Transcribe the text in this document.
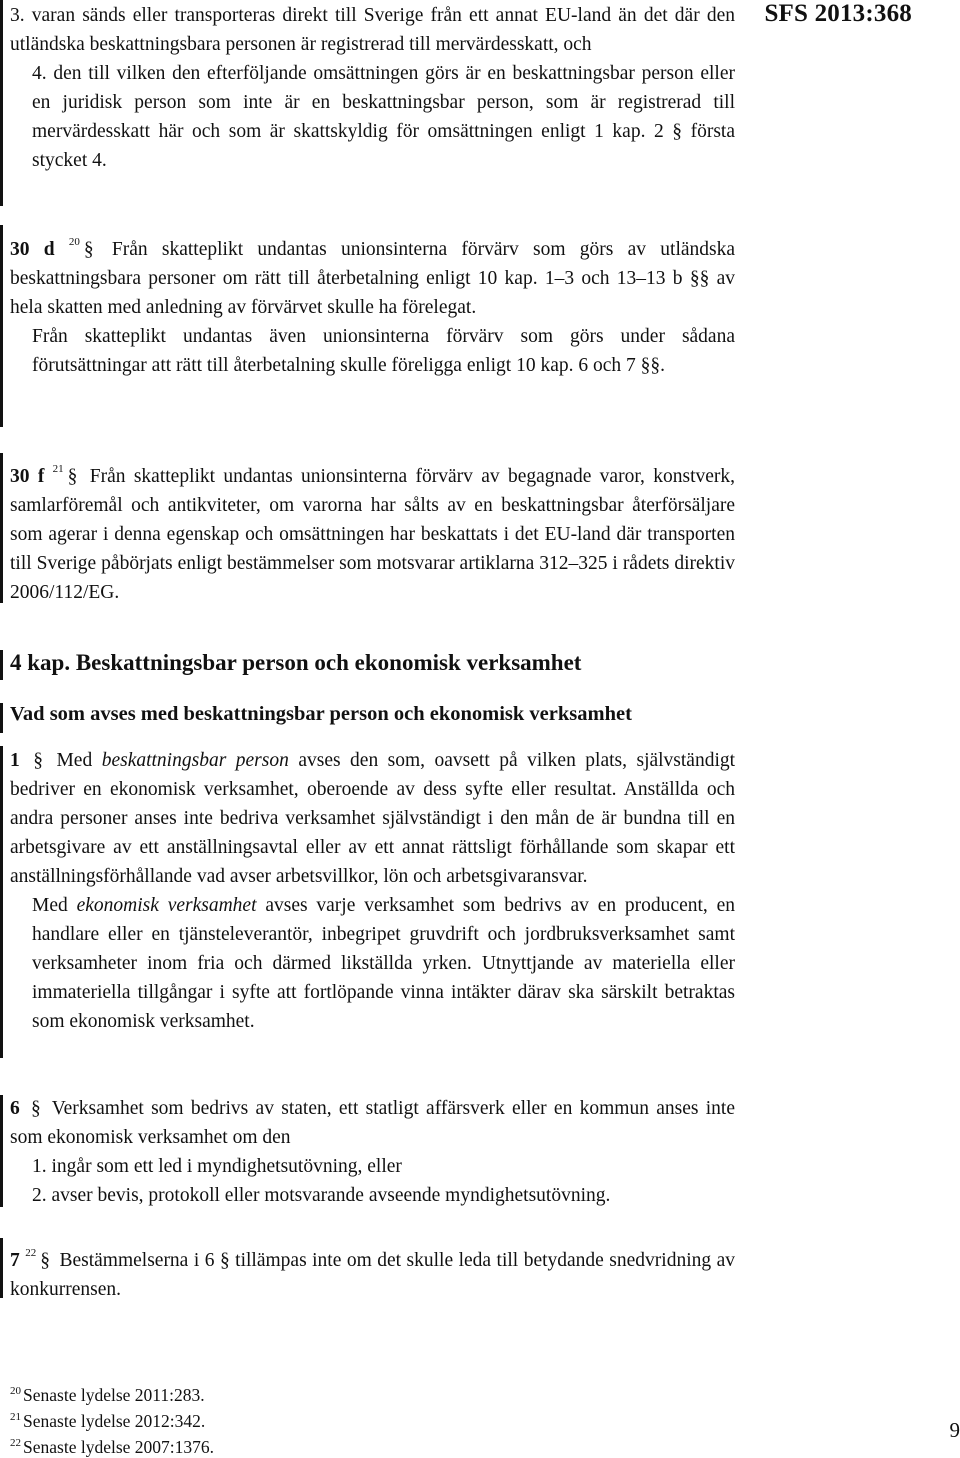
SFS 2013:368

3. varan sänds eller transporteras direkt till Sverige från ett annat EU-land än det där den utländska beskattningsbara personen är registrerad till mervärdesskatt, och

4. den till vilken den efterföljande omsättningen görs är en beskattningsbar person eller en juridisk person som inte är en beskattningsbar person, som är registrerad till mervärdesskatt här och som är skattskyldig för omsättningen enligt 1 kap. 2 § första stycket 4.

30 d $^{20}$ § Från skatteplikt undantas unionsinterna förvärv som görs av utländska beskattningsbara personer om rätt till återbetalning enligt 10 kap. 1–3 och 13–13 b §§ av hela skatten med anledning av förvärvet skulle ha förelegat.

Från skatteplikt undantas även unionsinterna förvärv som görs under sådana förutsättningar att rätt till återbetalning skulle föreligga enligt 10 kap. 6 och 7 §§.

30 f $^{21}$ § Från skatteplikt undantas unionsinterna förvärv av begagnade varor, konstverk, samlarföremål och antikviteter, om varorna har sålts av en beskattningsbar återförsäljare som agerar i denna egenskap och omsättningen har beskattats i det EU-land där transporten till Sverige påbörjats enligt bestämmelser som motsvarar artiklarna 312–325 i rådets direktiv 2006/112/EG.

4 kap. Beskattningsbar person och ekonomisk verksamhet
Vad som avses med beskattningsbar person och ekonomisk verksamhet

1 § Med beskattningsbar person avses den som, oavsett på vilken plats, självständigt bedriver en ekonomisk verksamhet, oberoende av dess syfte eller resultat. Anställda och andra personer anses inte bedriva verksamhet självständigt i den mån de är bundna till en arbetsgivare av ett anställningsavtal eller av ett annat rättsligt förhållande som skapar ett anställningsförhållande vad avser arbetsvillkor, lön och arbetsgivaransvar.

Med ekonomisk verksamhet avses varje verksamhet som bedrivs av en producent, en handlare eller en tjänsteleverantör, inbegripet gruvdrift och jordbruksverksamhet samt verksamheter inom fria och därmed likställda yrken. Utnyttjande av materiella eller immateriella tillgångar i syfte att fortlöpande vinna intäkter därav ska särskilt betraktas som ekonomisk verksamhet.

6 § Verksamhet som bedrivs av staten, ett statligt affärsverk eller en kommun anses inte som ekonomisk verksamhet om den

1. ingår som ett led i myndighetsutövning, eller

2. avser bevis, protokoll eller motsvarande avseende myndighetsutövning.

7 $^{22}$ § Bestämmelserna i 6 § tillämpas inte om det skulle leda till betydande snedvridning av konkurrensen.

$^{20}$ Senaste lydelse 2011:283.
$^{21}$ Senaste lydelse 2012:342.
$^{22}$ Senaste lydelse 2007:1376.
9
